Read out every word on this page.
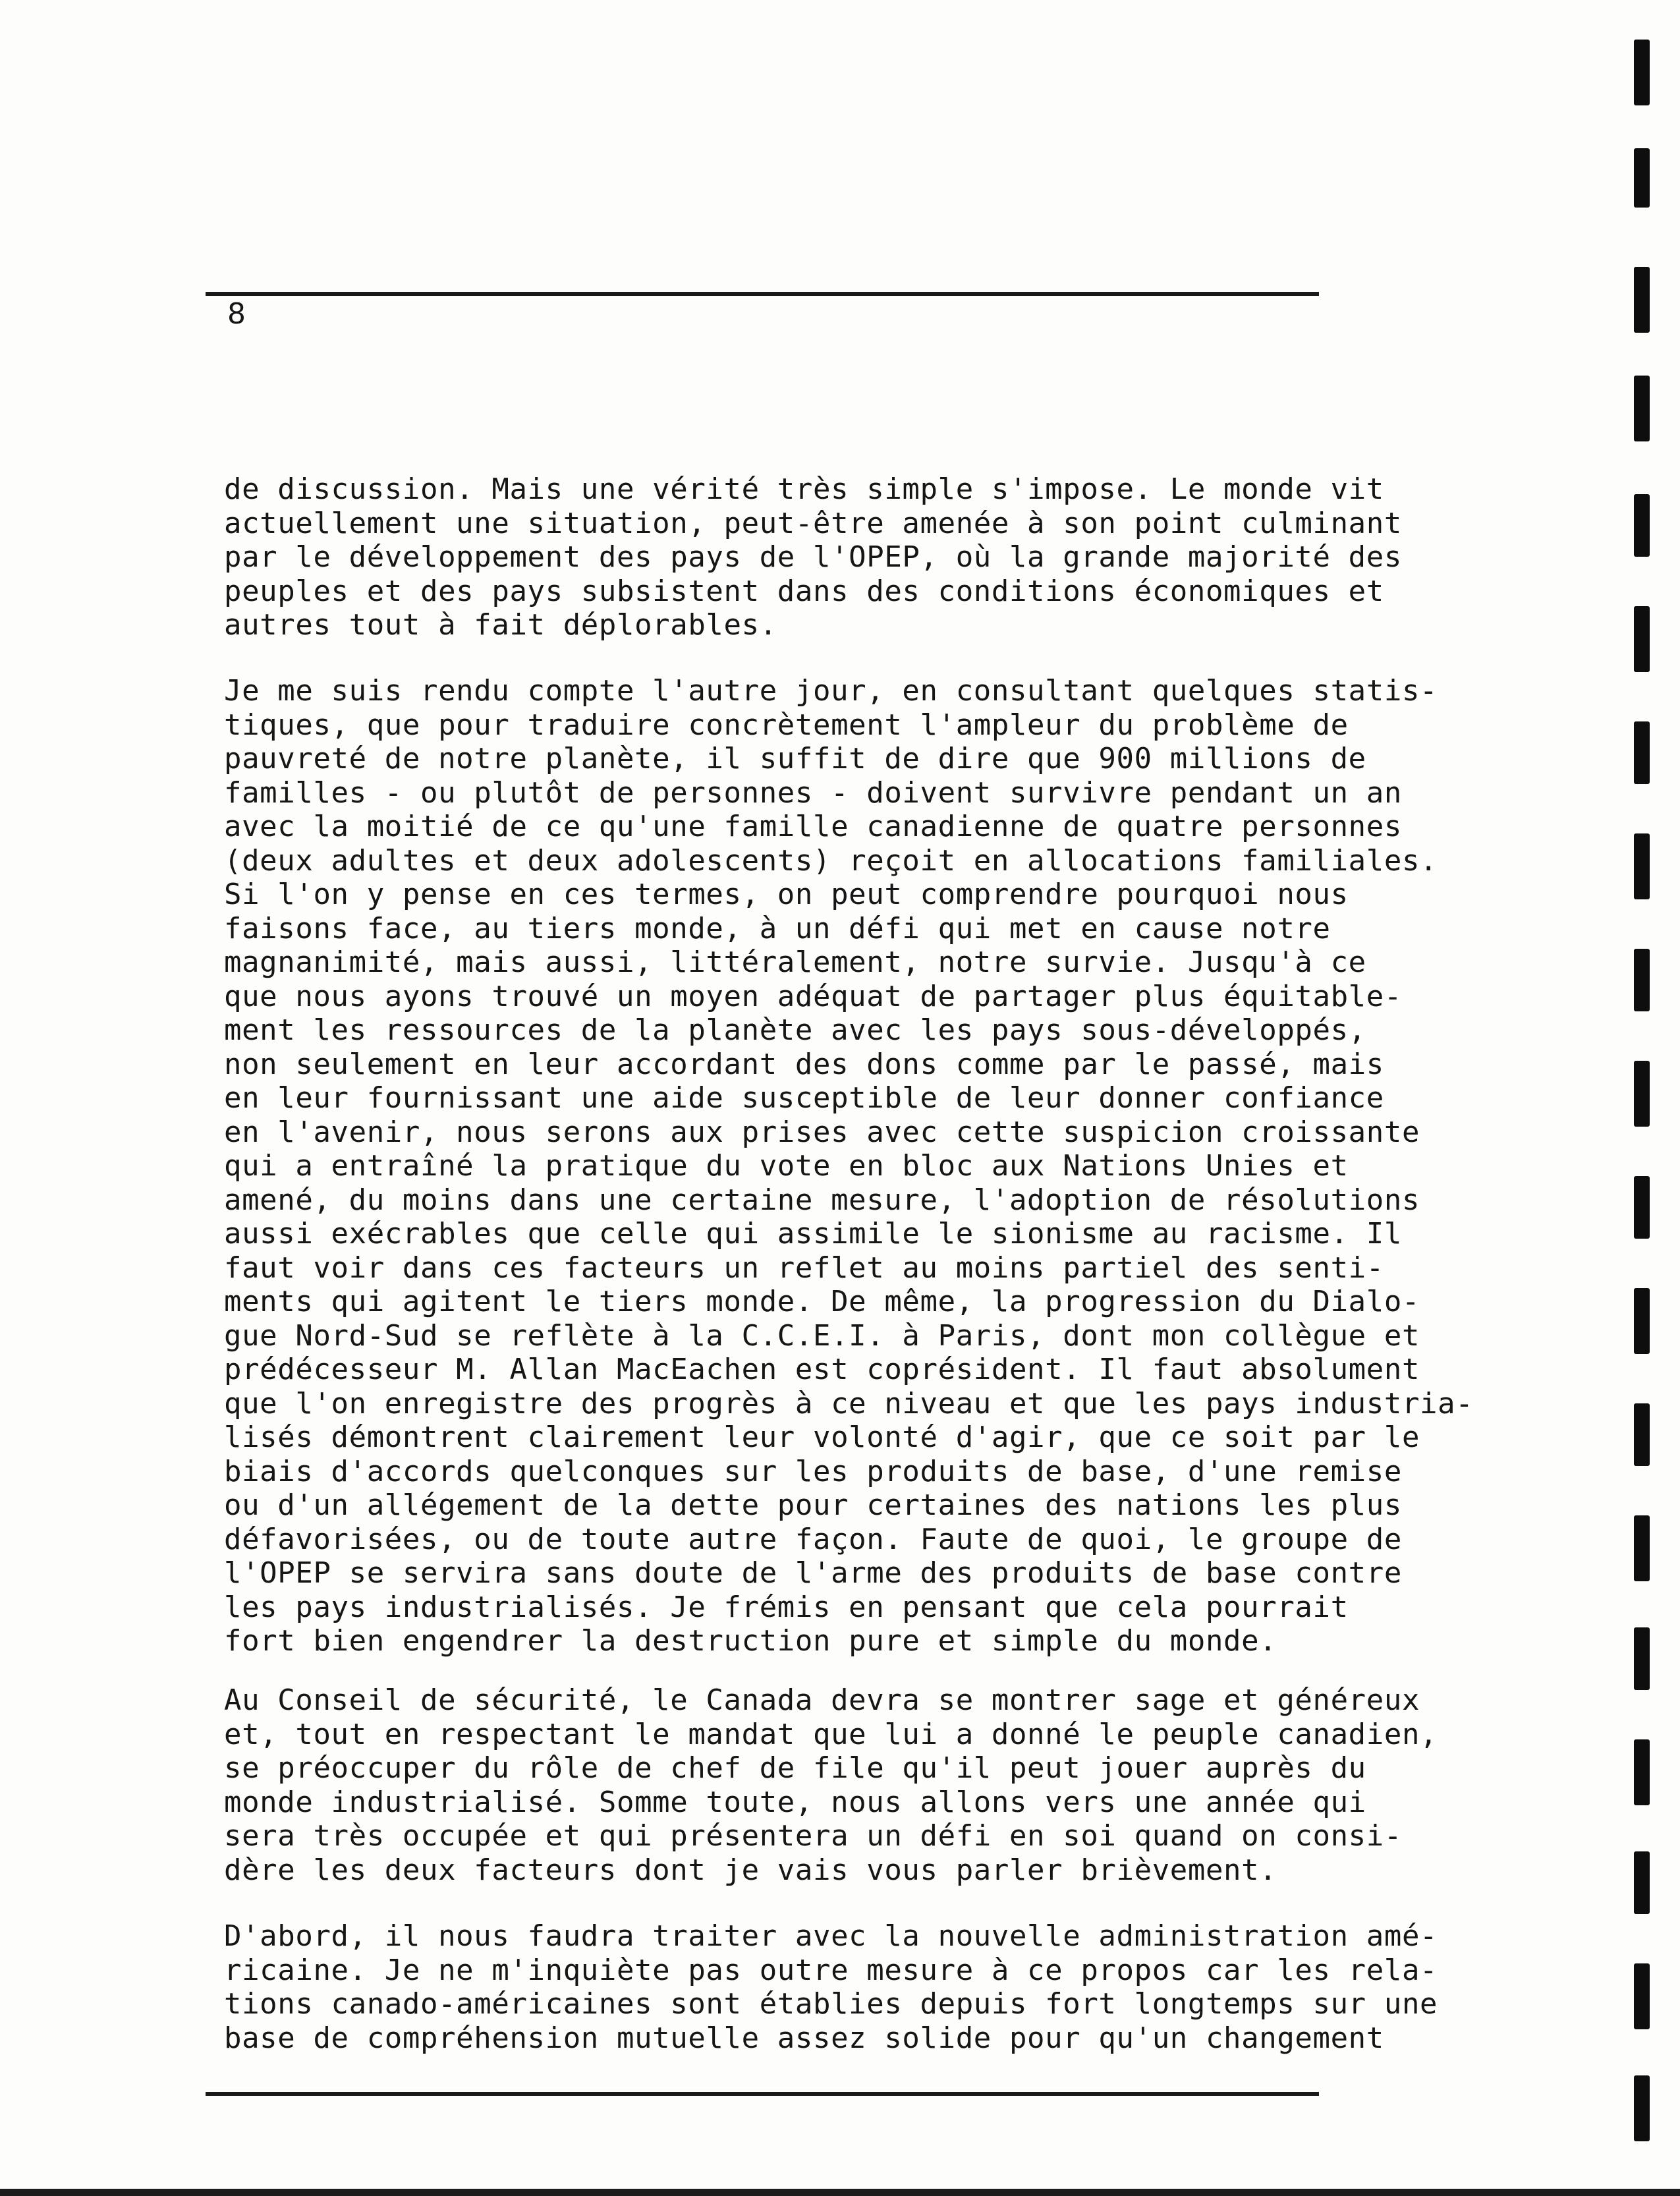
8
de discussion. Mais une vérité très simple s'impose. Le monde vit
actuellement une situation, peut-être amenée à son point culminant
par le développement des pays de l'OPEP, où la grande majorité des
peuples et des pays subsistent dans des conditions économiques et
autres tout à fait déplorables.
Je me suis rendu compte l'autre jour, en consultant quelques statis-
tiques, que pour traduire concrètement l'ampleur du problème de
pauvreté de notre planète, il suffit de dire que 900 millions de
familles - ou plutôt de personnes - doivent survivre pendant un an
avec la moitié de ce qu'une famille canadienne de quatre personnes
(deux adultes et deux adolescents) reçoit en allocations familiales.
Si l'on y pense en ces termes, on peut comprendre pourquoi nous
faisons face, au tiers monde, à un défi qui met en cause notre
magnanimité, mais aussi, littéralement, notre survie. Jusqu'à ce
que nous ayons trouvé un moyen adéquat de partager plus équitable-
ment les ressources de la planète avec les pays sous-développés,
non seulement en leur accordant des dons comme par le passé, mais
en leur fournissant une aide susceptible de leur donner confiance
en l'avenir, nous serons aux prises avec cette suspicion croissante
qui a entraîné la pratique du vote en bloc aux Nations Unies et
amené, du moins dans une certaine mesure, l'adoption de résolutions
aussi exécrables que celle qui assimile le sionisme au racisme. Il
faut voir dans ces facteurs un reflet au moins partiel des senti-
ments qui agitent le tiers monde. De même, la progression du Dialo-
gue Nord-Sud se reflète à la C.C.E.I. à Paris, dont mon collègue et
prédécesseur M. Allan MacEachen est coprésident. Il faut absolument
que l'on enregistre des progrès à ce niveau et que les pays industria-
lisés démontrent clairement leur volonté d'agir, que ce soit par le
biais d'accords quelconques sur les produits de base, d'une remise
ou d'un allégement de la dette pour certaines des nations les plus
défavorisées, ou de toute autre façon. Faute de quoi, le groupe de
l'OPEP se servira sans doute de l'arme des produits de base contre
les pays industrialisés. Je frémis en pensant que cela pourrait
fort bien engendrer la destruction pure et simple du monde.
Au Conseil de sécurité, le Canada devra se montrer sage et généreux
et, tout en respectant le mandat que lui a donné le peuple canadien,
se préoccuper du rôle de chef de file qu'il peut jouer auprès du
monde industrialisé. Somme toute, nous allons vers une année qui
sera très occupée et qui présentera un défi en soi quand on consi-
dère les deux facteurs dont je vais vous parler brièvement.
D'abord, il nous faudra traiter avec la nouvelle administration amé-
ricaine. Je ne m'inquiète pas outre mesure à ce propos car les rela-
tions canado-américaines sont établies depuis fort longtemps sur une
base de compréhension mutuelle assez solide pour qu'un changement
